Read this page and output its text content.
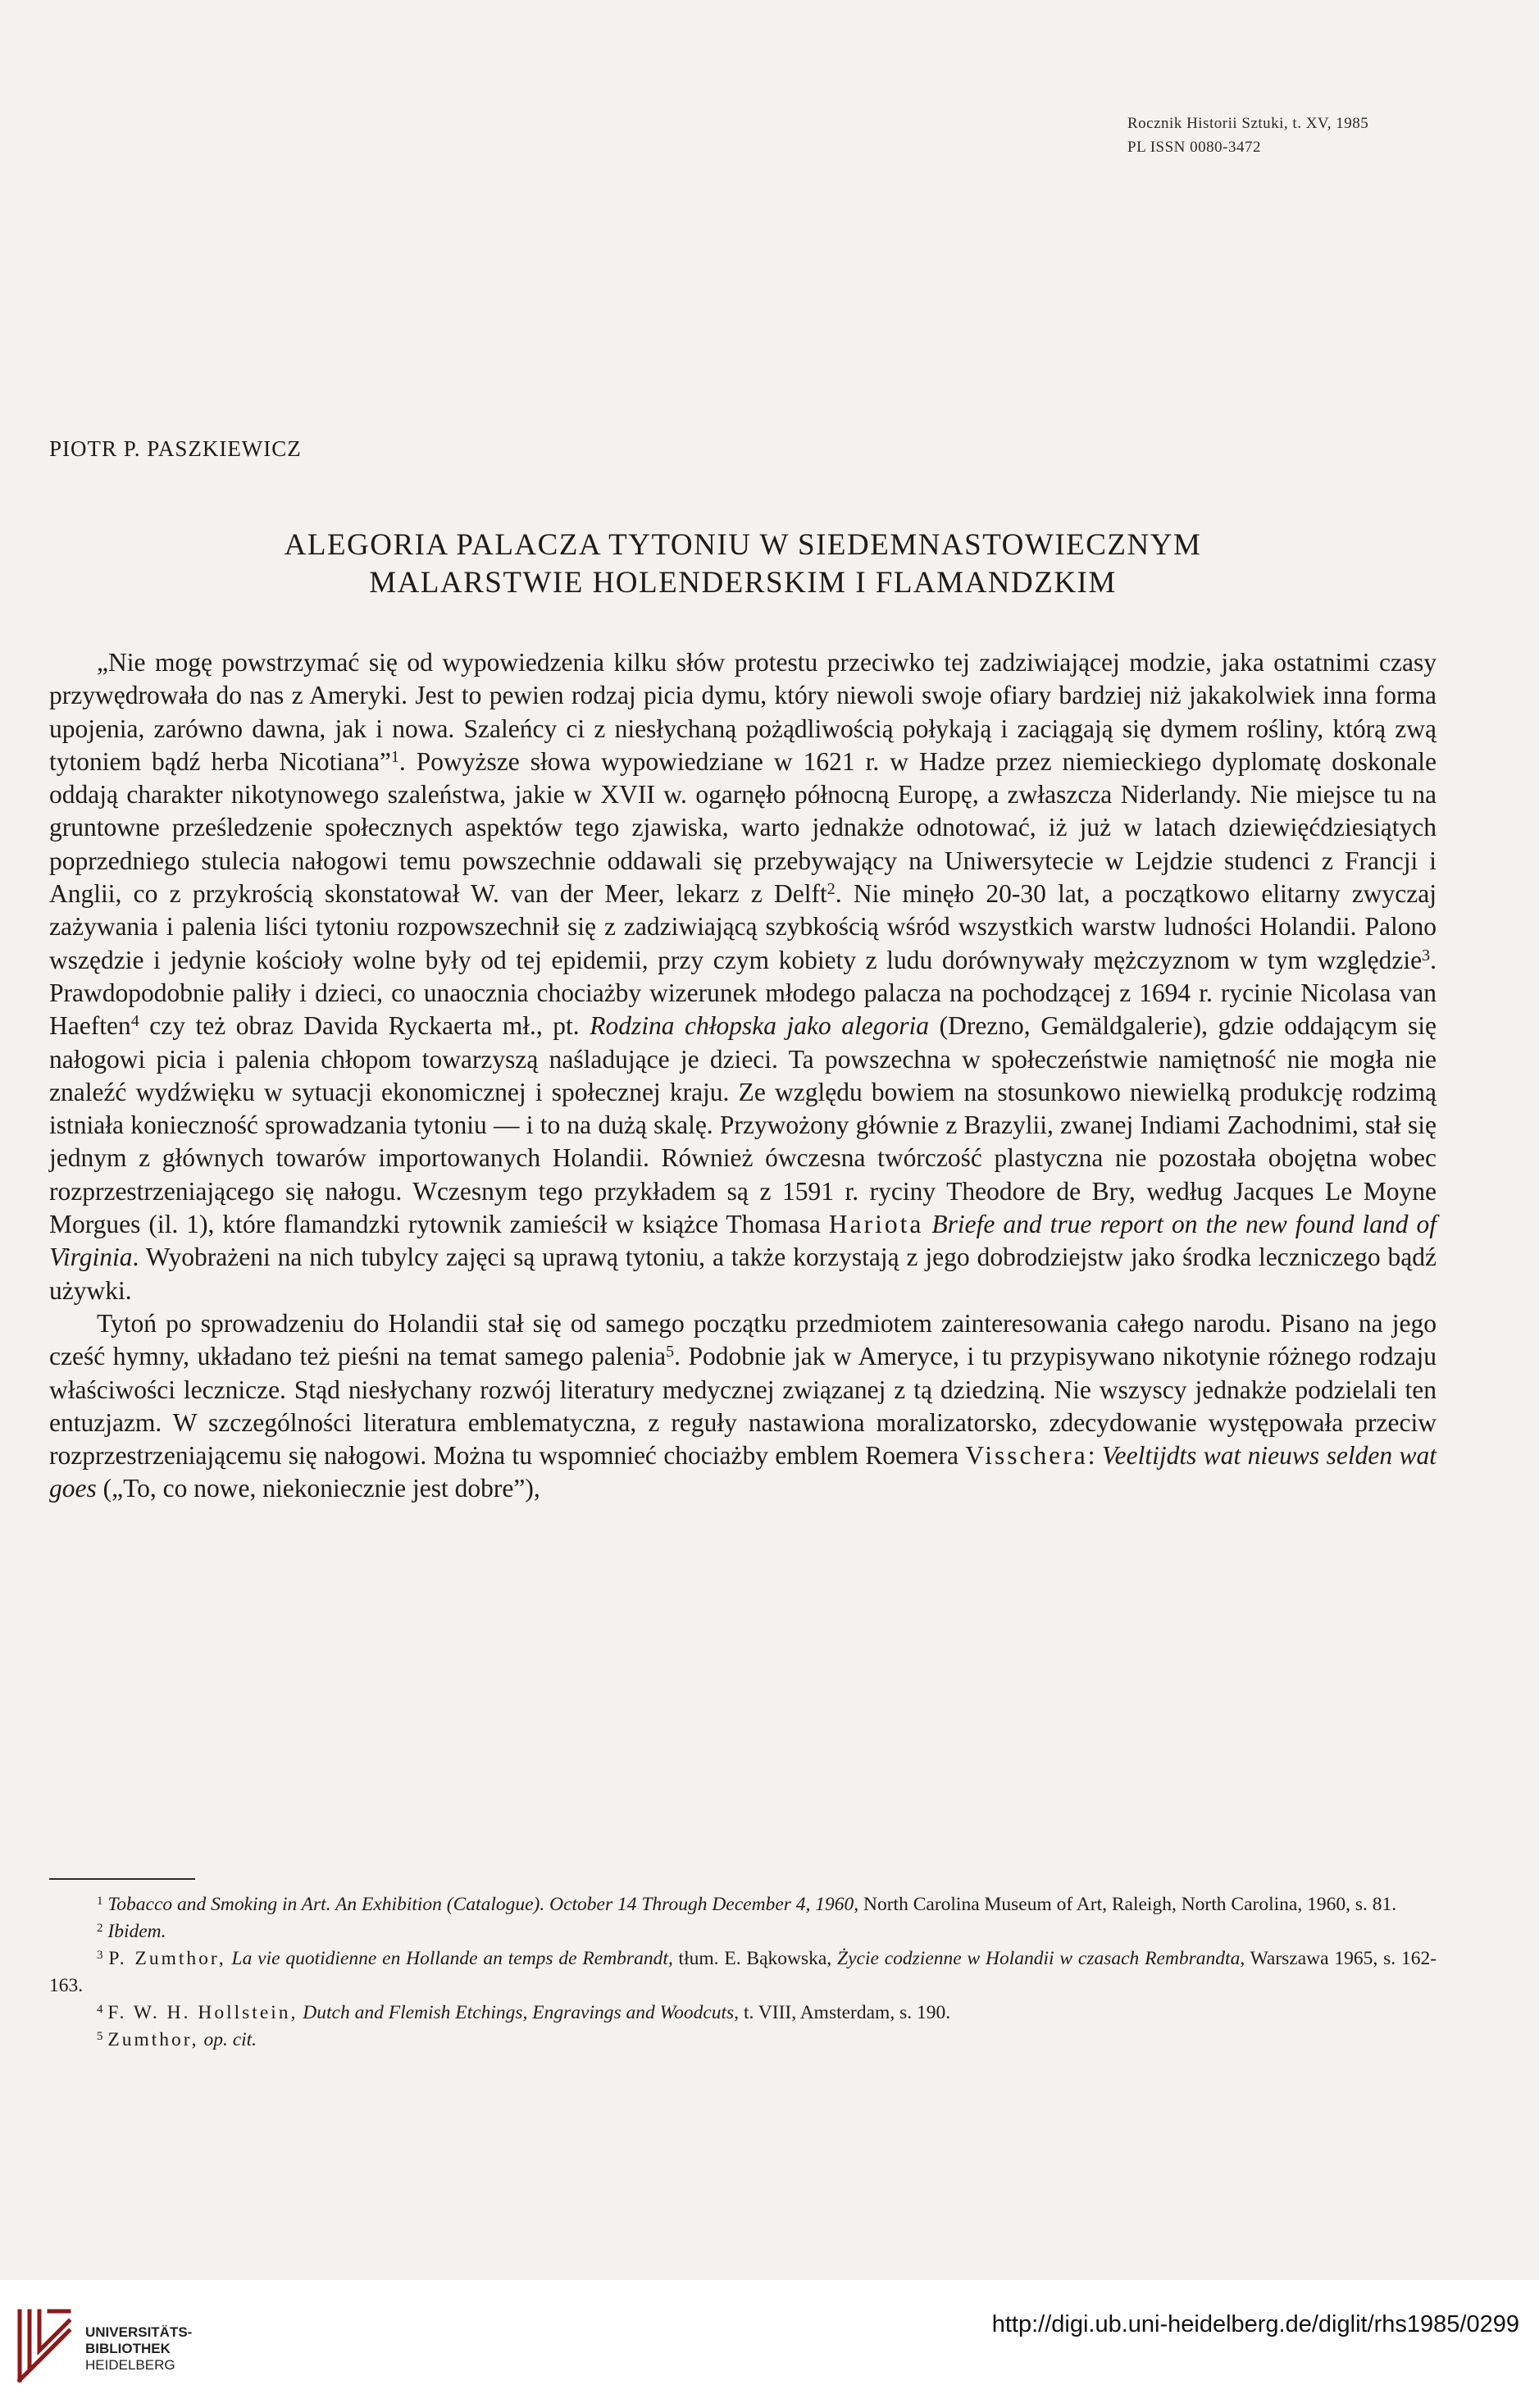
Rocznik Historii Sztuki, t. XV, 1985
PL ISSN 0080-3472
PIOTR P. PASZKIEWICZ
ALEGORIA PALACZA TYTONIU W SIEDEMNASTOWIECZNYM
MALARSTWIE HOLENDERSKIM I FLAMANDZKIM

„Nie mogę powstrzymać się od wypowiedzenia kilku słów protestu przeciwko tej zadziwiającej modzie, jaka ostatnimi czasy przywędrowała do nas z Ameryki. Jest to pewien rodzaj picia dymu, który niewoli swoje ofiary bardziej niż jakakolwiek inna forma upojenia, zarówno dawna, jak i nowa. Szaleńcy ci z niesłychaną pożądliwością połykają i zaciągają się dymem rośliny, którą zwą tytoniem bądź herba Nicotiana”$^1$. Powyższe słowa wypowiedziane w 1621 r. w Hadze przez niemieckiego dyplomatę doskonale oddają charakter nikotynowego szaleństwa, jakie w XVII w. ogarnęło północną Europę, a zwłaszcza Niderlandy. Nie miejsce tu na gruntowne prześledzenie społecznych aspektów tego zjawiska, warto jednakże odnotować, iż już w latach dziewięćdziesiątych poprzedniego stulecia nałogowi temu powszechnie oddawali się przebywający na Uniwersytecie w Lejdzie studenci z Francji i Anglii, co z przykrością skonstatował W. van der Meer, lekarz z Delft$^2$. Nie minęło 20-30 lat, a początkowo elitarny zwyczaj zażywania i palenia liści tytoniu rozpowszechnił się z zadziwiającą szybkością wśród wszystkich warstw ludności Holandii. Palono wszędzie i jedynie kościoły wolne były od tej epidemii, przy czym kobiety z ludu dorównywały mężczyznom w tym względzie$^3$. Prawdopodobnie paliły i dzieci, co unaocznia chociażby wizerunek młodego palacza na pochodzącej z 1694 r. rycinie Nicolasa van Haeften$^4$ czy też obraz Davida Ryckaerta mł., pt. Rodzina chłopska jako alegoria (Drezno, Gemäldgalerie), gdzie oddającym się nałogowi picia i palenia chłopom towarzyszą naśladujące je dzieci. Ta powszechna w społeczeństwie namiętność nie mogła nie znaleźć wydźwięku w sytuacji ekonomicznej i społecznej kraju. Ze względu bowiem na stosunkowo niewielką produkcję rodzimą istniała konieczność sprowadzania tytoniu — i to na dużą skalę. Przywożony głównie z Brazylii, zwanej Indiami Zachodnimi, stał się jednym z głównych towarów importowanych Holandii. Również ówczesna twórczość plastyczna nie pozostała obojętna wobec rozprzestrzeniającego się nałogu. Wczesnym tego przykładem są z 1591 r. ryciny Theodore de Bry, według Jacques Le Moyne Morgues (il. 1), które flamandzki rytownik zamieścił w książce Thomasa Hariota Briefe and true report on the new found land of Virginia. Wyobrażeni na nich tubylcy zajęci są uprawą tytoniu, a także korzystają z jego dobrodziejstw jako środka leczniczego bądź używki.

Tytoń po sprowadzeniu do Holandii stał się od samego początku przedmiotem zainteresowania całego narodu. Pisano na jego cześć hymny, układano też pieśni na temat samego palenia$^5$. Podobnie jak w Ameryce, i tu przypisywano nikotynie różnego rodzaju właściwości lecznicze. Stąd niesłychany rozwój literatury medycznej związanej z tą dziedziną. Nie wszyscy jednakże podzielali ten entuzjazm. W szczególności literatura emblematyczna, z reguły nastawiona moralizatorsko, zdecydowanie występowała przeciw rozprzestrzeniającemu się nałogowi. Można tu wspomnieć chociażby emblem Roemera Visschera: Veeltijdts wat nieuws selden wat goes („To, co nowe, niekoniecznie jest dobre”),

$^1$ Tobacco and Smoking in Art. An Exhibition (Catalogue). October 14 Through December 4, 1960, North Carolina Museum of Art, Raleigh, North Carolina, 1960, s. 81.

$^2$ Ibidem.

$^3$ P. Zumthor, La vie quotidienne en Hollande an temps de Rembrandt, tłum. E. Bąkowska, Życie codzienne w Holandii w czasach Rembrandta, Warszawa 1965, s. 162-163.

$^4$ F. W. H. Hollstein, Dutch and Flemish Etchings, Engravings and Woodcuts, t. VIII, Amsterdam, s. 190.

$^5$ Zumthor, op. cit.

UNIVERSITÄTS-
BIBLIOTHEK
HEIDELBERG
http://digi.ub.uni-heidelberg.de/diglit/rhs1985/0299
